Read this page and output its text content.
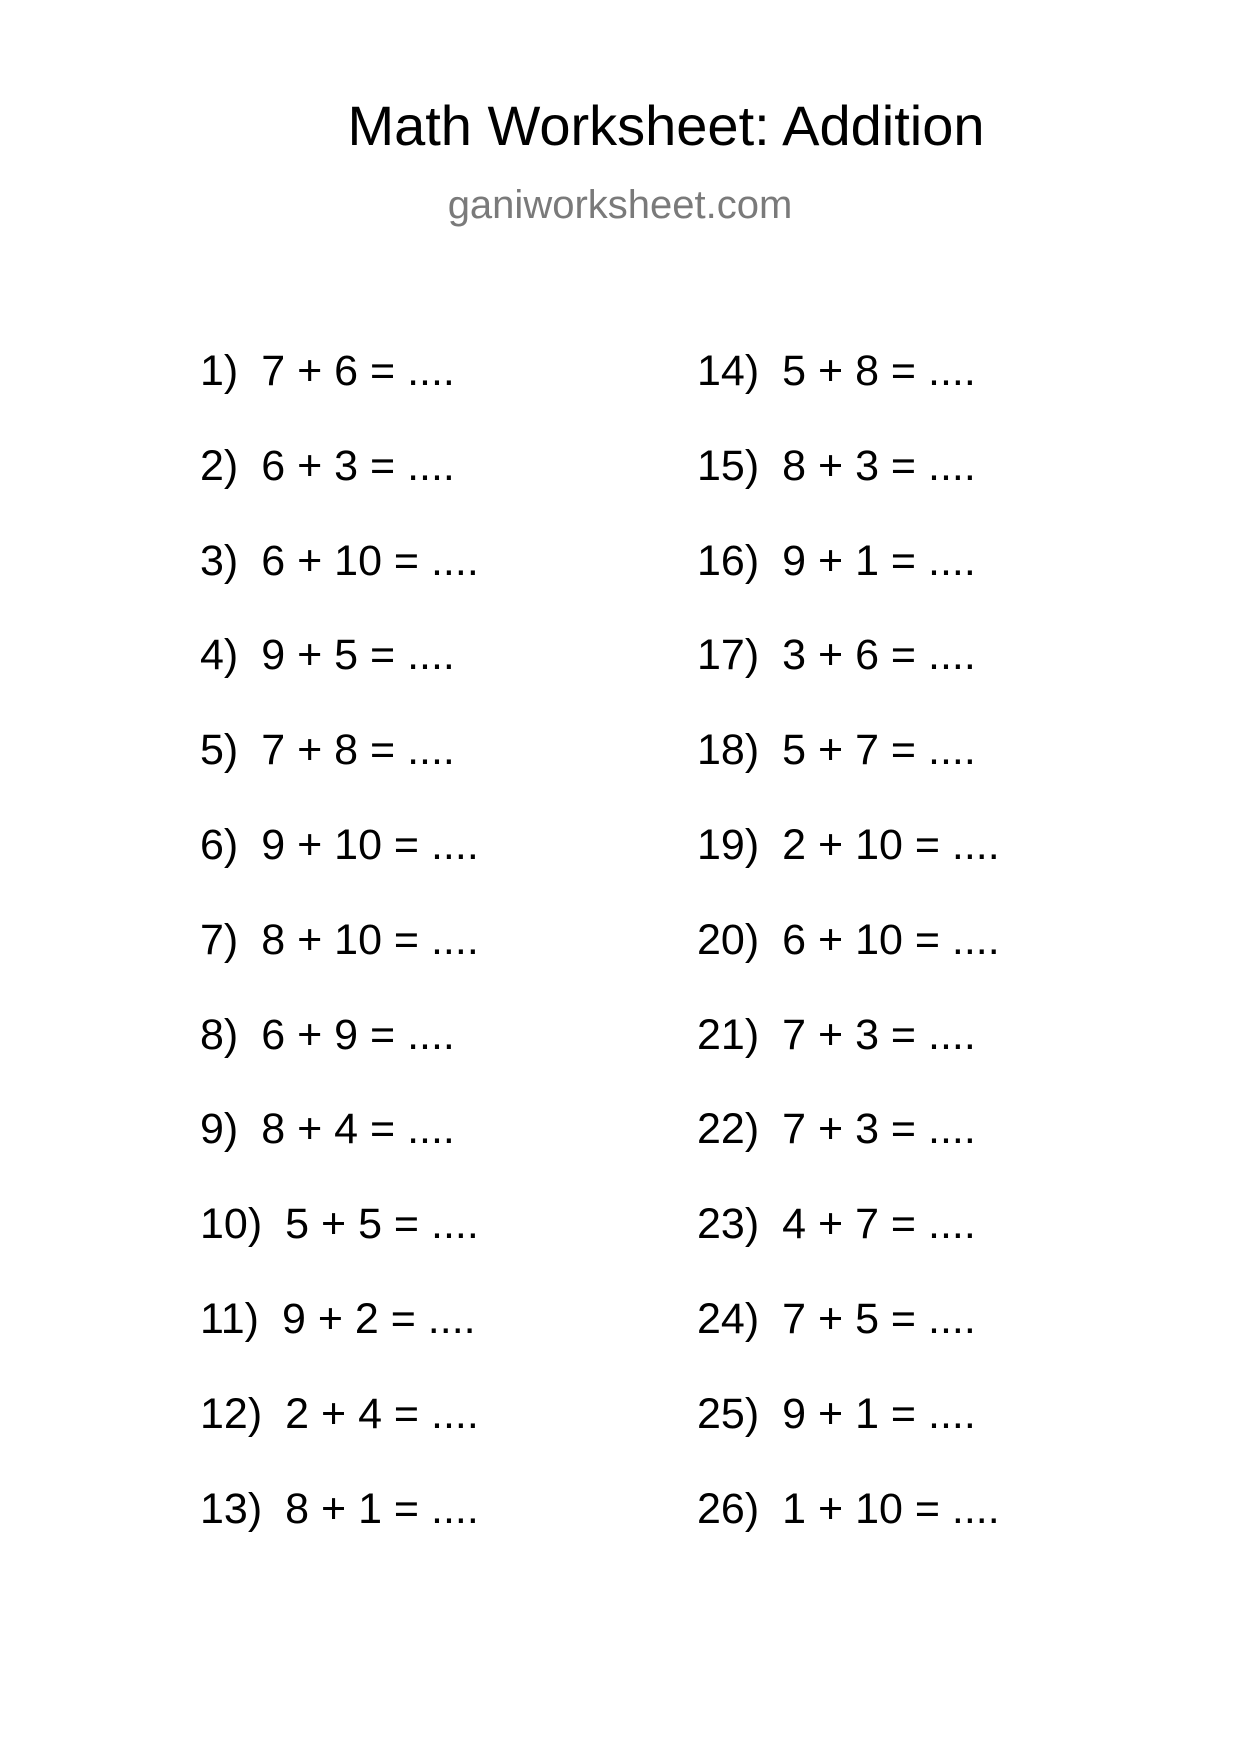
Math Worksheet: Addition
ganiworksheet.com
1) 7 + 6 = ....
2) 6 + 3 = ....
3) 6 + 10 = ....
4) 9 + 5 = ....
5) 7 + 8 = ....
6) 9 + 10 = ....
7) 8 + 10 = ....
8) 6 + 9 = ....
9) 8 + 4 = ....
10) 5 + 5 = ....
11) 9 + 2 = ....
12) 2 + 4 = ....
13) 8 + 1 = ....
14) 5 + 8 = ....
15) 8 + 3 = ....
16) 9 + 1 = ....
17) 3 + 6 = ....
18) 5 + 7 = ....
19) 2 + 10 = ....
20) 6 + 10 = ....
21) 7 + 3 = ....
22) 7 + 3 = ....
23) 4 + 7 = ....
24) 7 + 5 = ....
25) 9 + 1 = ....
26) 1 + 10 = ....
